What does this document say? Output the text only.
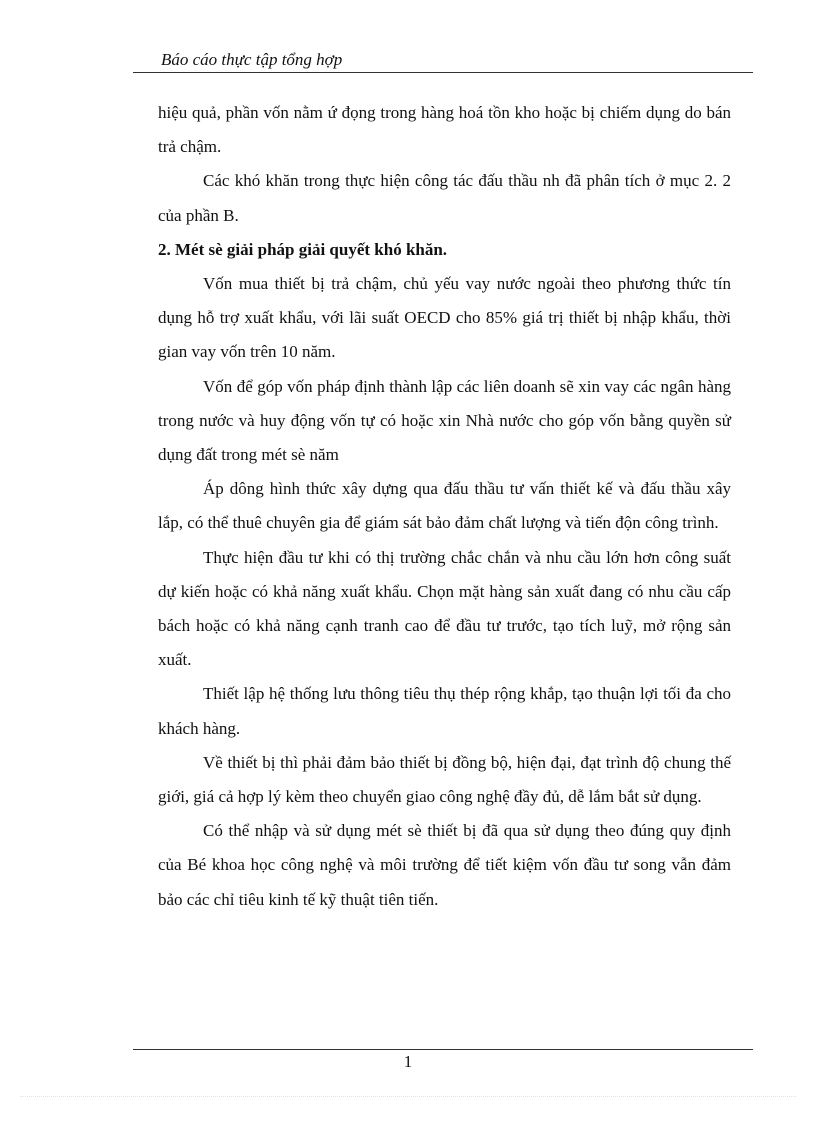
Báo cáo thực tập tổng hợp

hiệu quả, phần vốn nằm ứ đọng trong hàng hoá tồn kho hoặc bị chiếm dụng do bán trả chậm.

Các khó khăn trong thực hiện công tác đấu thầu nh đã phân tích ở mục 2. 2 của phần B.

2. Mét sè giải pháp giải quyết khó khăn.

Vốn mua thiết bị trả chậm, chủ yếu vay nước ngoài theo phương thức tín dụng hỗ trợ xuất khẩu, với lãi suất OECD cho 85% giá trị thiết bị nhập khẩu, thời gian vay vốn trên 10 năm.

Vốn để góp vốn pháp định thành lập các liên doanh sẽ xin vay các ngân hàng trong nước và huy động vốn tự có hoặc xin Nhà nước cho góp vốn bằng quyền sử dụng đất trong mét sè năm

Áp dông hình thức xây dựng qua đấu thầu tư vấn thiết kế và đấu thầu xây lắp, có thể thuê chuyên gia để giám sát bảo đảm chất lượng và tiến độn công trình.

Thực hiện đầu tư khi có thị trường chắc chắn và nhu cầu lớn hơn công suất dự kiến hoặc có khả năng xuất khẩu. Chọn mặt hàng sản xuất đang có nhu cầu cấp bách hoặc có khả năng cạnh tranh cao để đầu tư trước, tạo tích luỹ, mở rộng sản xuất.

Thiết lập hệ thống lưu thông tiêu thụ thép rộng khắp, tạo thuận lợi tối đa cho khách hàng.

Về thiết bị thì phải đảm bảo thiết bị đồng bộ, hiện đại, đạt trình độ chung thế giới, giá cả hợp lý kèm theo chuyển giao công nghệ đầy đủ, dễ lắm bắt sử dụng.

Có thể nhập và sử dụng mét sè thiết bị đã qua sử dụng theo đúng quy định của Bé khoa học công nghệ và môi trường để tiết kiệm vốn đầu tư song vẫn đảm bảo các chỉ tiêu kinh tế kỹ thuật tiên tiến.

1
